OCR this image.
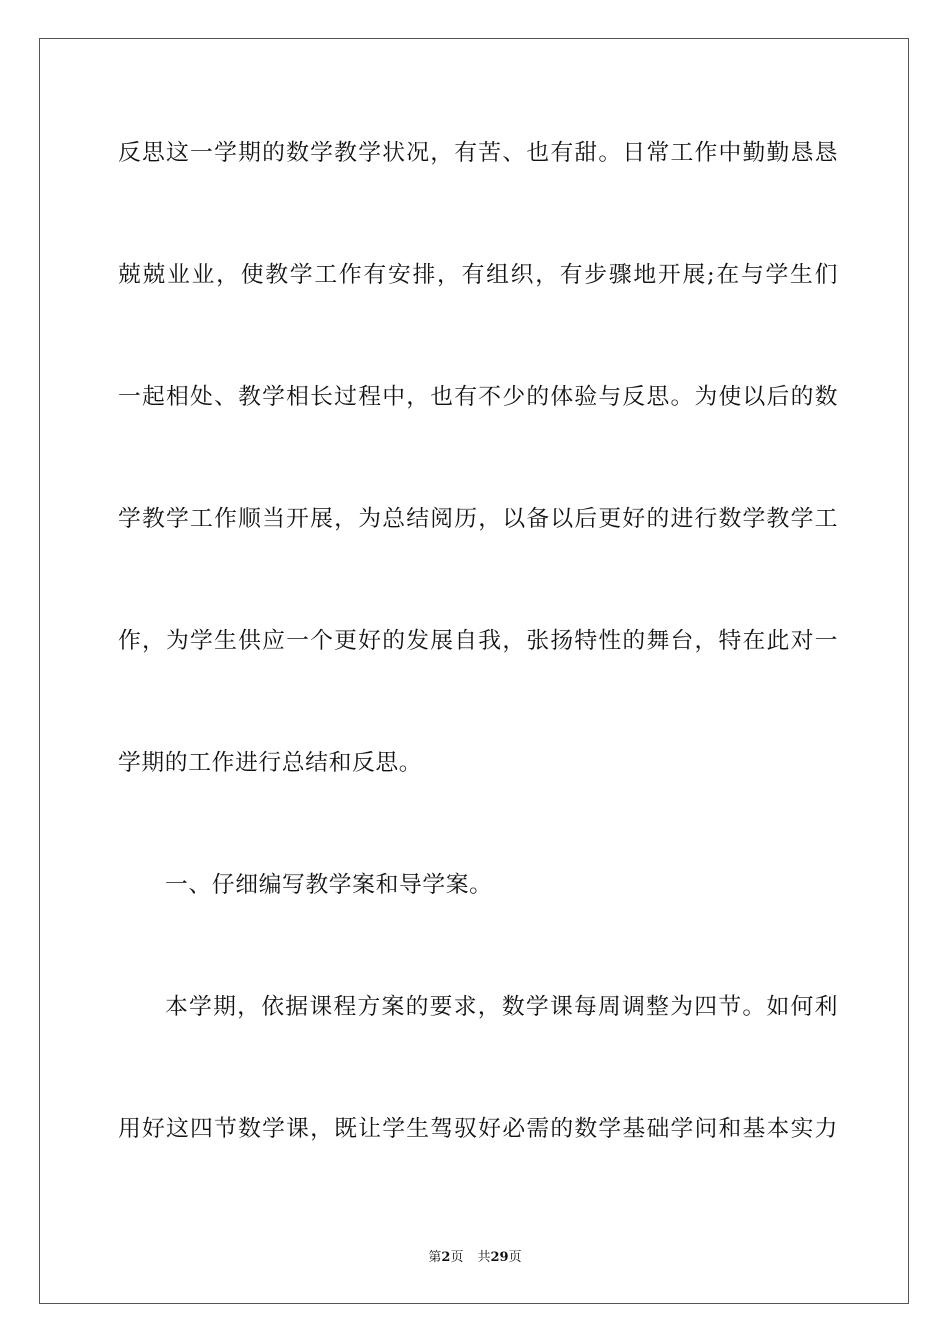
反思这一学期的数学教学状况，有苦、也有甜。日常工作中勤勤恳恳
兢兢业业，使教学工作有安排，有组织，有步骤地开展;在与学生们
一起相处、教学相长过程中，也有不少的体验与反思。为使以后的数
学教学工作顺当开展，为总结阅历，以备以后更好的进行数学教学工
作，为学生供应一个更好的发展自我，张扬特性的舞台，特在此对一
学期的工作进行总结和反思。
一、仔细编写教学案和导学案。
本学期，依据课程方案的要求，数学课每周调整为四节。如何利
用好这四节数学课，既让学生驾驭好必需的数学基础学问和基本实力
第2页 共29页
